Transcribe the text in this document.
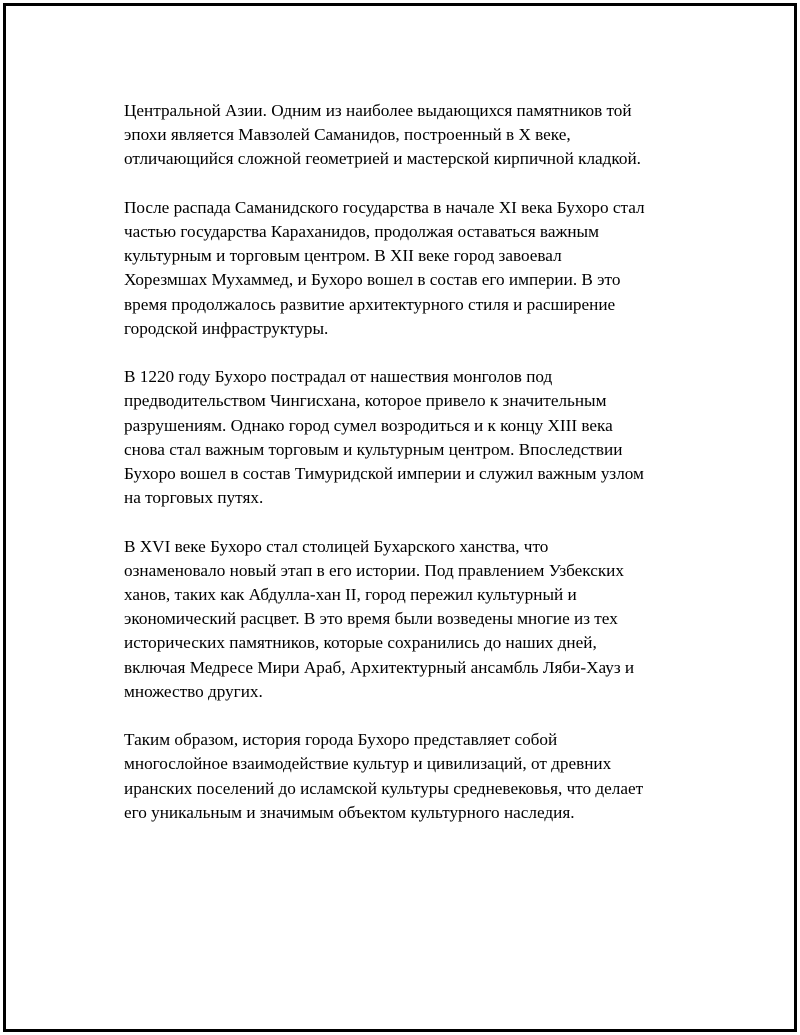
Центральной Азии. Одним из наиболее выдающихся памятников той
эпохи является Мавзолей Саманидов, построенный в X веке,
отличающийся сложной геометрией и мастерской кирпичной кладкой.

После распада Саманидского государства в начале XI века Бухоро стал
частью государства Караханидов, продолжая оставаться важным
культурным и торговым центром. В XII веке город завоевал
Хорезмшах Мухаммед, и Бухоро вошел в состав его империи. В это
время продолжалось развитие архитектурного стиля и расширение
городской инфраструктуры.

В 1220 году Бухоро пострадал от нашествия монголов под
предводительством Чингисхана, которое привело к значительным
разрушениям. Однако город сумел возродиться и к концу XIII века
снова стал важным торговым и культурным центром. Впоследствии
Бухоро вошел в состав Тимуридской империи и служил важным узлом
на торговых путях.

В XVI веке Бухоро стал столицей Бухарского ханства, что
ознаменовало новый этап в его истории. Под правлением Узбекских
ханов, таких как Абдулла-хан II, город пережил культурный и
экономический расцвет. В это время были возведены многие из тех
исторических памятников, которые сохранились до наших дней,
включая Медресе Мири Араб, Архитектурный ансамбль Ляби-Хауз и
множество других.

Таким образом, история города Бухоро представляет собой
многослойное взаимодействие культур и цивилизаций, от древних
иранских поселений до исламской культуры средневековья, что делает
его уникальным и значимым объектом культурного наследия.
